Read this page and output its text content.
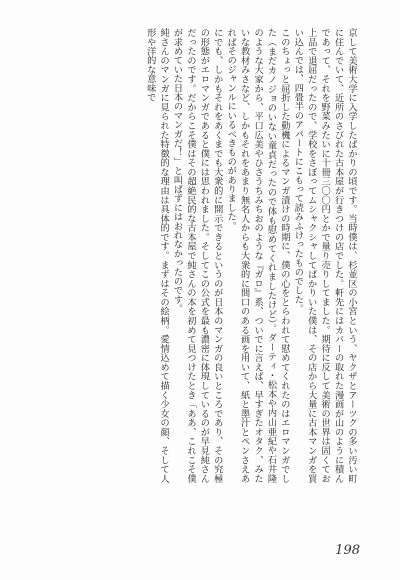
京して美術大学に入学したばかりの頃です。当時僕は、杉並区の小宮という、ヤクザとアーツクの多い汚い町に住んでいて、近所のさびれた古本屋が行きつけの店でした。軒先にはカバーの取れた漫画が山のように積んであって、それを野菜みたいに十冊三〇〇円とかで量り売りしてました。期待に反して美術の世界は固くてお上品で退屈だったので、学校をさぼってムシャクシャしてばかりいた僕は、その店から大量に古本マンガを買い込んでは、四畳半のアパートにこもって読みふけったものでした。

このちょっと屈折した動機によるマンガ漬けの時期に、僕の心をとらわれて慰めてくれたのはエロマンガでした（まだカノジョのいない童貞だったので体も慰めてくれましたけど）。ダーティ・松本や内山亜紀や石井隆のような大家から、平口広美やひさうちみちおのような『ガロ』系、ついでに言えば、早すぎたオタク、みたいな教材みさなど、しかもそれをあまり無名人からも大衆的に間口のある画を用いて、紙と墨汁とペンさえあればそのジャンルにいるべきものがありました。

にでも、しかもそれをあくまでも大衆的に開示できるというのが日本のマンガの良いところであり、その究極の形態がエロマンガであると僕には思われました。そしてこの公式を最も濃密に体現しているのが早見純さんだったのです。だからこそ僕はその超絶民的な古本屋で純さんの本を初めて見つけたとき「ああ、これこそ僕が求めていた日本のマンガだ！」と叫ばずにはおれなかったのです。

純さんのマンガに見られた特徴的な理由は具体的です。まずはその絵柄。愛情込めて描く少女の顔、そして人形や洋的な意味で

198
